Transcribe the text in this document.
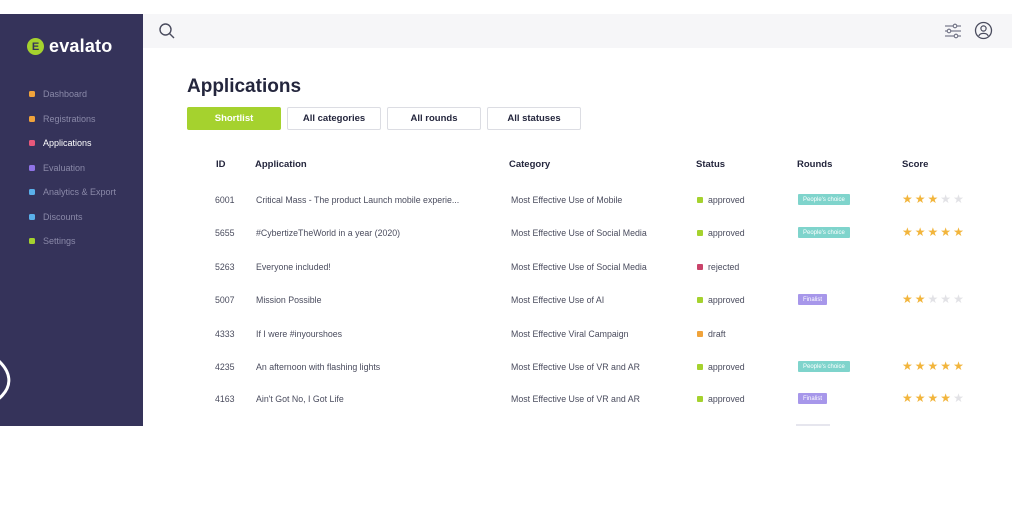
E evalato
Dashboard
Registrations
Applications
Evaluation
Analytics & Export
Discounts
Settings
Applications
Shortlist	All categories	All rounds	All statuses
ID	Application	Category	Status	Rounds	Score
6001 Critical Mass - The product Launch mobile experie...	Most Effective Use of Mobile	approved	People's choice	★ ★ ★ ★ ★
5655 #CybertizeTheWorld in a year (2020)	Most Effective Use of Social Media	approved	People's choice	★ ★ ★ ★ ★
5263 Everyone included!	Most Effective Use of Social Media	rejected
5007 Mission Possible	Most Effective Use of AI	approved	Finalist	★ ★ ★ ★ ★
4333 If I were #inyourshoes	Most Effective Viral Campaign	draft
4235 An afternoon with flashing lights	Most Effective Use of VR and AR	approved	People's choice	★ ★ ★ ★ ★
4163 Ain't Got No, I Got Life	Most Effective Use of VR and AR	approved	Finalist	★ ★ ★ ★ ★
